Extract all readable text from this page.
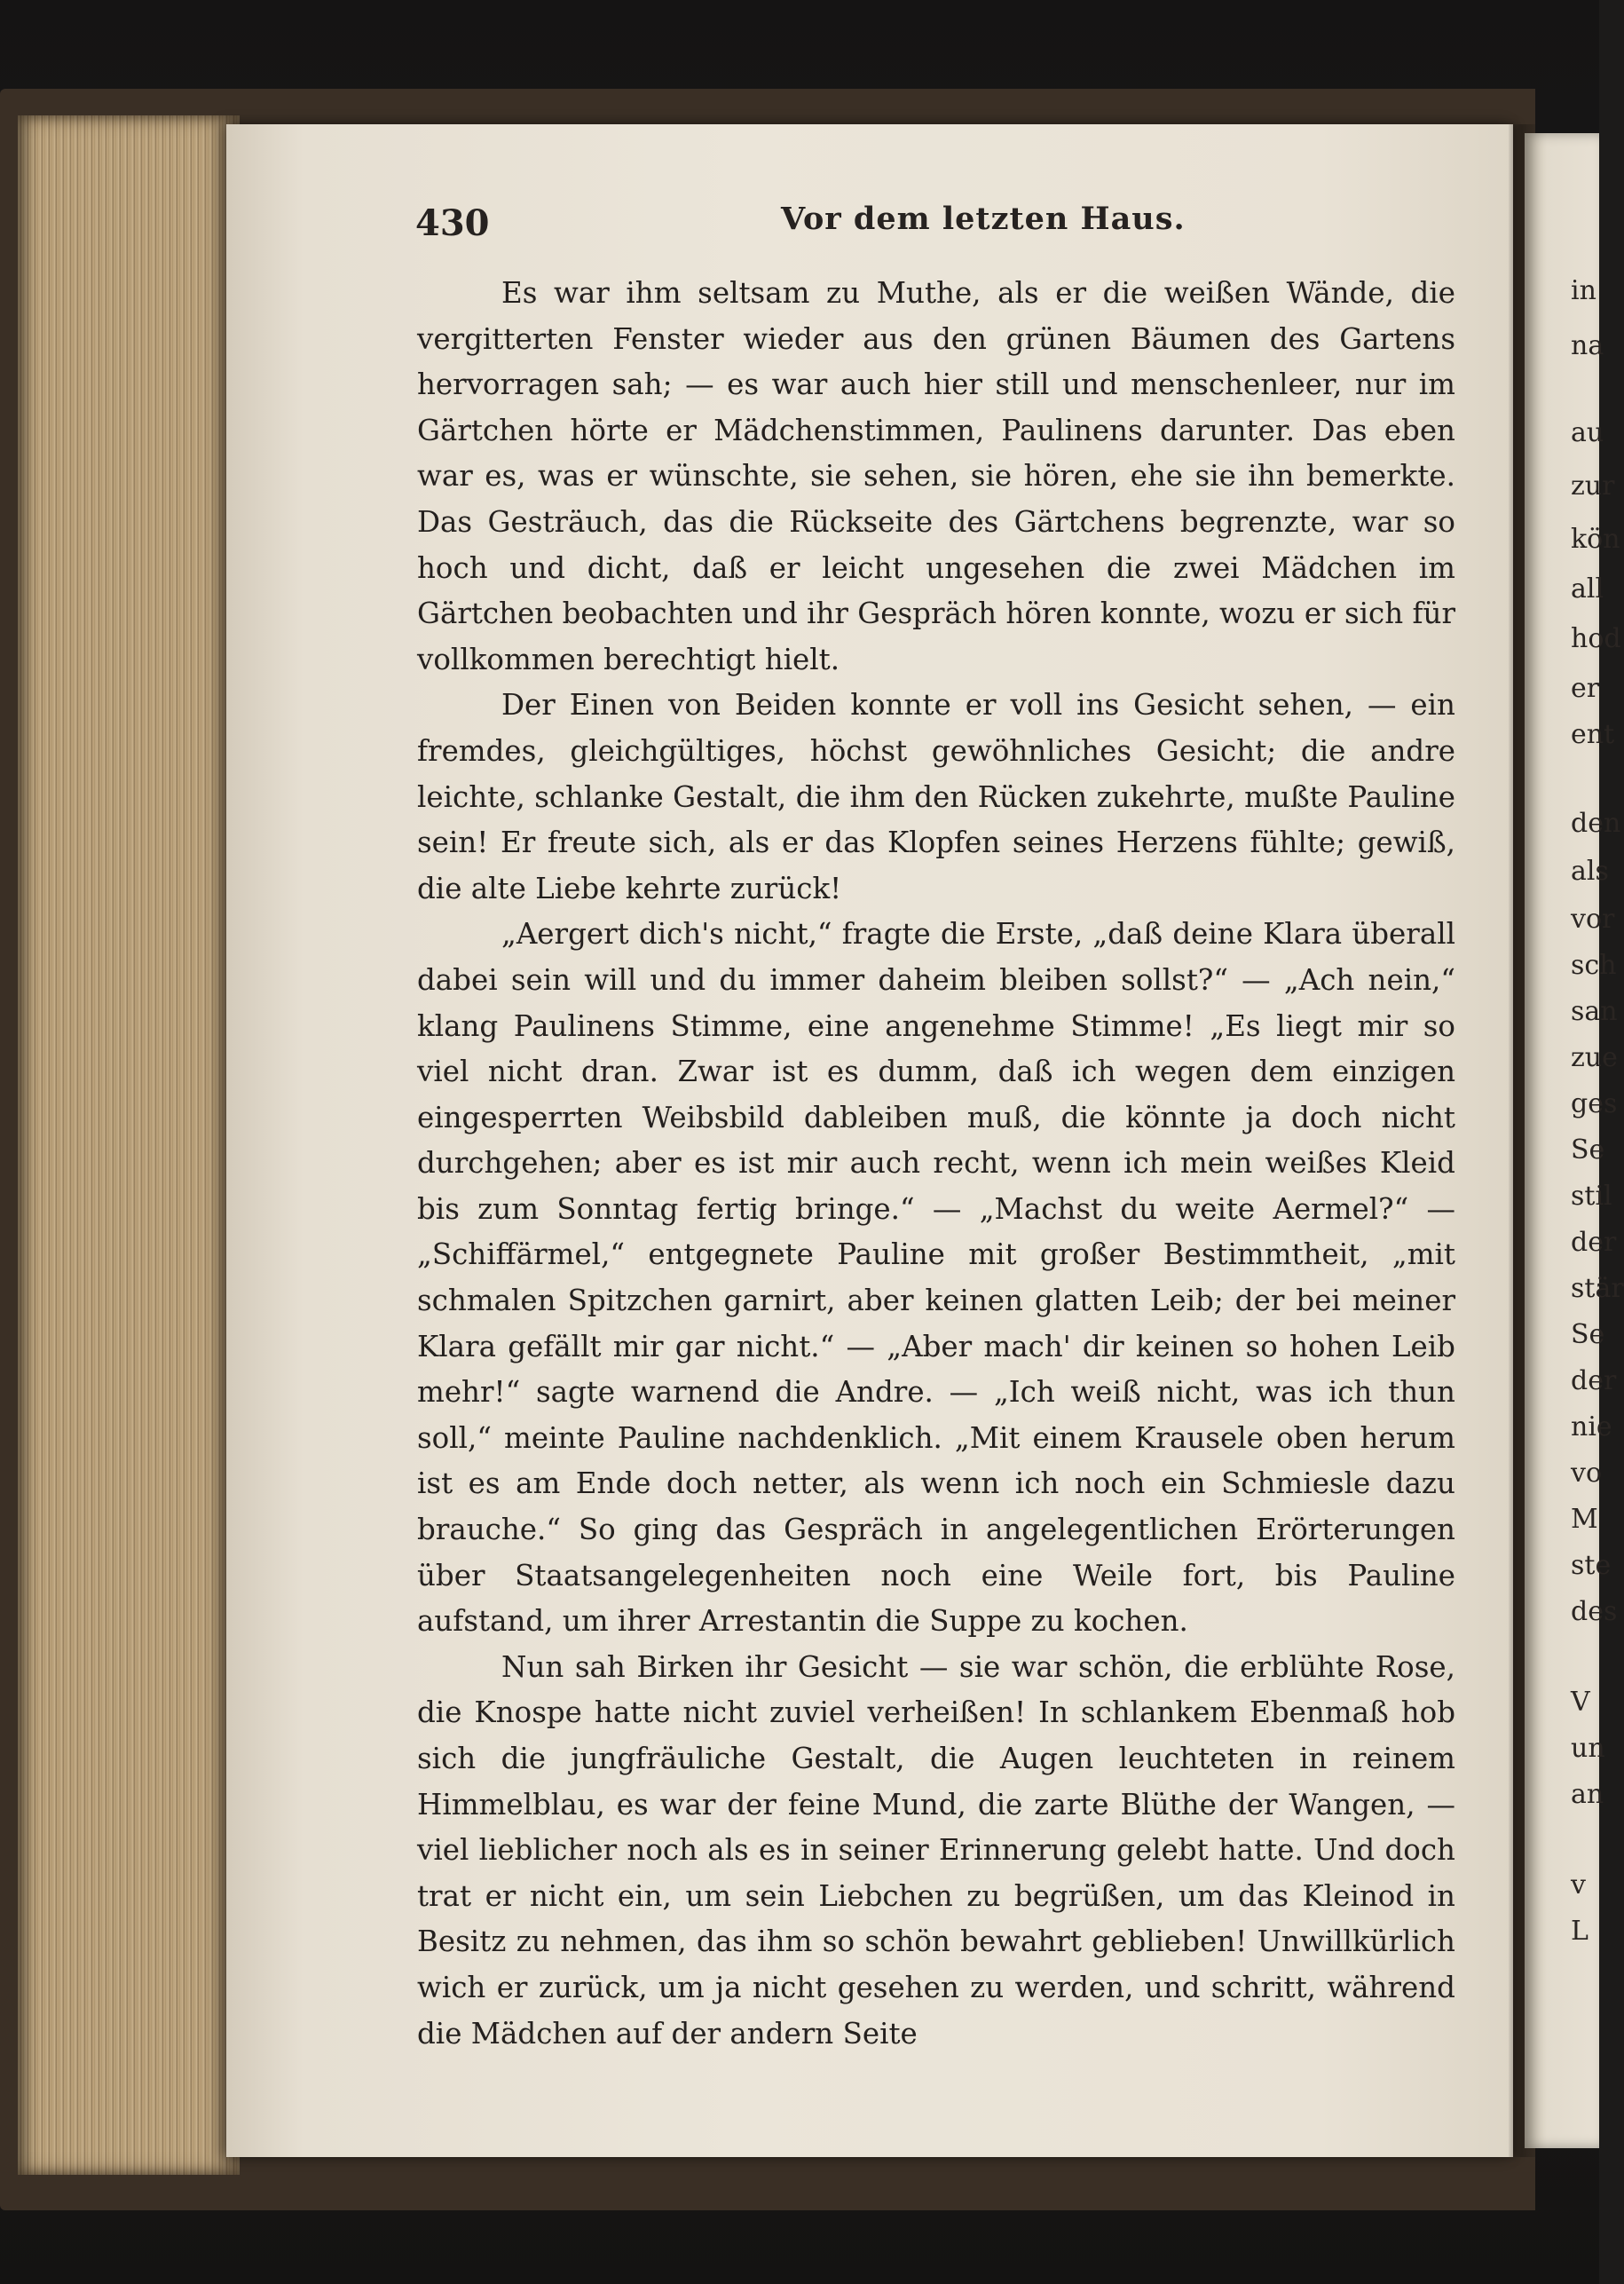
in
na
au
zur
kön
all
hod
er
ent
den
als
vor
sch
san
zue
ges
Se
stil
der
stär
Se
der
nie
vo
M
ste
des
V
un
an
v
L
430	Vor dem letzten Haus.

Es war ihm seltsam zu Muthe, als er die weißen Wände, die vergitterten Fenster wieder aus den grünen Bäumen des Gartens hervorragen sah; — es war auch hier still und menschenleer, nur im Gärtchen hörte er Mädchenstimmen, Paulinens darunter. Das eben war es, was er wünschte, sie sehen, sie hören, ehe sie ihn bemerkte. Das Gesträuch, das die Rückseite des Gärtchens begrenzte, war so hoch und dicht, daß er leicht ungesehen die zwei Mädchen im Gärtchen beobachten und ihr Gespräch hören konnte, wozu er sich für vollkommen berechtigt hielt.

Der Einen von Beiden konnte er voll ins Gesicht sehen, — ein fremdes, gleichgültiges, höchst gewöhnliches Gesicht; die andre leichte, schlanke Gestalt, die ihm den Rücken zukehrte, mußte Pauline sein! Er freute sich, als er das Klopfen seines Herzens fühlte; gewiß, die alte Liebe kehrte zurück!

„Aergert dich's nicht,“ fragte die Erste, „daß deine Klara überall dabei sein will und du immer daheim bleiben sollst?“ — „Ach nein,“ klang Paulinens Stimme, eine angenehme Stimme! „Es liegt mir so viel nicht dran. Zwar ist es dumm, daß ich wegen dem einzigen eingesperrten Weibsbild dableiben muß, die könnte ja doch nicht durchgehen; aber es ist mir auch recht, wenn ich mein weißes Kleid bis zum Sonntag fertig bringe.“ — „Machst du weite Aermel?“ — „Schiffärmel,“ entgegnete Pauline mit großer Bestimmtheit, „mit schmalen Spitzchen garnirt, aber keinen glatten Leib; der bei meiner Klara gefällt mir gar nicht.“ — „Aber mach' dir keinen so hohen Leib mehr!“ sagte warnend die Andre. — „Ich weiß nicht, was ich thun soll,“ meinte Pauline nachdenklich. „Mit einem Krausele oben herum ist es am Ende doch netter, als wenn ich noch ein Schmiesle dazu brauche.“ So ging das Gespräch in angelegentlichen Erörterungen über Staatsangelegenheiten noch eine Weile fort, bis Pauline aufstand, um ihrer Arrestantin die Suppe zu kochen.

Nun sah Birken ihr Gesicht — sie war schön, die erblühte Rose, die Knospe hatte nicht zuviel verheißen! In schlankem Ebenmaß hob sich die jungfräuliche Gestalt, die Augen leuchteten in reinem Himmelblau, es war der feine Mund, die zarte Blüthe der Wangen, — viel lieblicher noch als es in seiner Erinnerung gelebt hatte. Und doch trat er nicht ein, um sein Liebchen zu begrüßen, um das Kleinod in Besitz zu nehmen, das ihm so schön bewahrt geblieben! Unwillkürlich wich er zurück, um ja nicht gesehen zu werden, und schritt, während die Mädchen auf der andern Seite
